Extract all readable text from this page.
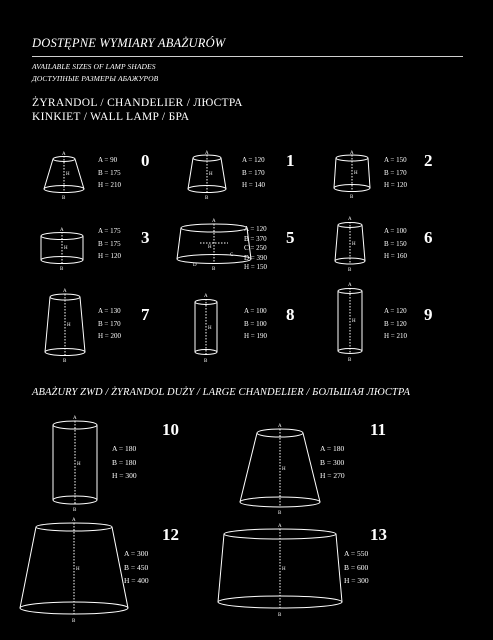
DOSTĘPNE WYMIARY ABAŻURÓW
AVAILABLE SIZES OF LAMP SHADES
ДОСТУПНЫЕ РАЗМЕРЫ АБАЖУРОВ
ŻYRANDOL / CHANDELIER / ЛЮСТРА
KINKIET / WALL LAMP / БРА
ABAŻURY ZWD / ŻYRANDOL DUŻY / LARGE CHANDELIER / БОЛЬШАЯ ЛЮСТРА
A
H
B
A
H
B
A
H
B
A
H
B
A
H
C
D
B
A
H
B
A
H
B
A
H
B
A
H
B
A
H
B
A
H
B
A
H
B
A
H
B
A = 90
B = 175
H = 210
0	A = 120
B = 170
H = 140
1	A = 150
B = 170
H = 120
2
A = 175
B = 175
H = 120
3	A = 120
B = 370
C = 250
D = 390
H = 150
5	A = 100
B = 150
H = 160
6
A = 130
B = 170
H = 200
7	A = 100
B = 100
H = 190
8	A = 120
B = 120
H = 210
9
A = 180
B = 180
H = 300
10
A = 180
B = 300
H = 270
11
A = 300
B = 450
H = 400
12
A = 550
B = 600
H = 300
13
